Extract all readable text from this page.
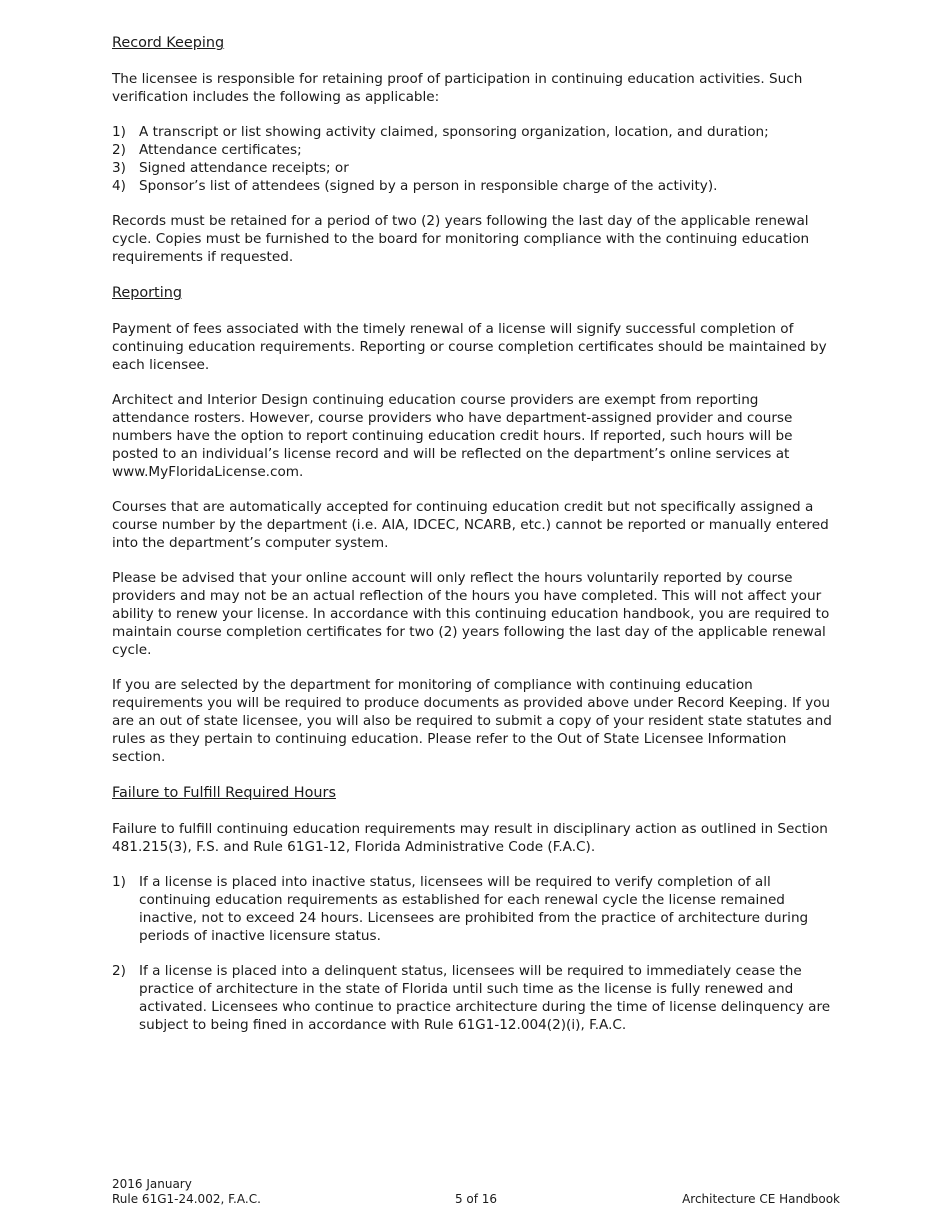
Record Keeping

The licensee is responsible for retaining proof of participation in continuing education activities. Such verification includes the following as applicable:

1) A transcript or list showing activity claimed, sponsoring organization, location, and duration;
2) Attendance certificates;
3) Signed attendance receipts; or
4) Sponsor’s list of attendees (signed by a person in responsible charge of the activity).

Records must be retained for a period of two (2) years following the last day of the applicable renewal cycle. Copies must be furnished to the board for monitoring compliance with the continuing education requirements if requested.

Reporting

Payment of fees associated with the timely renewal of a license will signify successful completion of continuing education requirements. Reporting or course completion certificates should be maintained by each licensee.

Architect and Interior Design continuing education course providers are exempt from reporting attendance rosters. However, course providers who have department-assigned provider and course numbers have the option to report continuing education credit hours. If reported, such hours will be posted to an individual’s license record and will be reflected on the department’s online services at www.MyFloridaLicense.com.

Courses that are automatically accepted for continuing education credit but not specifically assigned a course number by the department (i.e. AIA, IDCEC, NCARB, etc.) cannot be reported or manually entered into the department’s computer system.

Please be advised that your online account will only reflect the hours voluntarily reported by course providers and may not be an actual reflection of the hours you have completed. This will not affect your ability to renew your license. In accordance with this continuing education handbook, you are required to maintain course completion certificates for two (2) years following the last day of the applicable renewal cycle.

If you are selected by the department for monitoring of compliance with continuing education requirements you will be required to produce documents as provided above under Record Keeping. If you are an out of state licensee, you will also be required to submit a copy of your resident state statutes and rules as they pertain to continuing education. Please refer to the Out of State Licensee Information section.

Failure to Fulfill Required Hours

Failure to fulfill continuing education requirements may result in disciplinary action as outlined in Section 481.215(3), F.S. and Rule 61G1-12, Florida Administrative Code (F.A.C).

1) If a license is placed into inactive status, licensees will be required to verify completion of all continuing education requirements as established for each renewal cycle the license remained inactive, not to exceed 24 hours. Licensees are prohibited from the practice of architecture during periods of inactive licensure status.
2) If a license is placed into a delinquent status, licensees will be required to immediately cease the practice of architecture in the state of Florida until such time as the license is fully renewed and activated. Licensees who continue to practice architecture during the time of license delinquency are subject to being fined in accordance with Rule 61G1-12.004(2)(i), F.A.C.
2016 January
Rule 61G1-24.002, F.A.C.	5 of 16	Architecture CE Handbook
